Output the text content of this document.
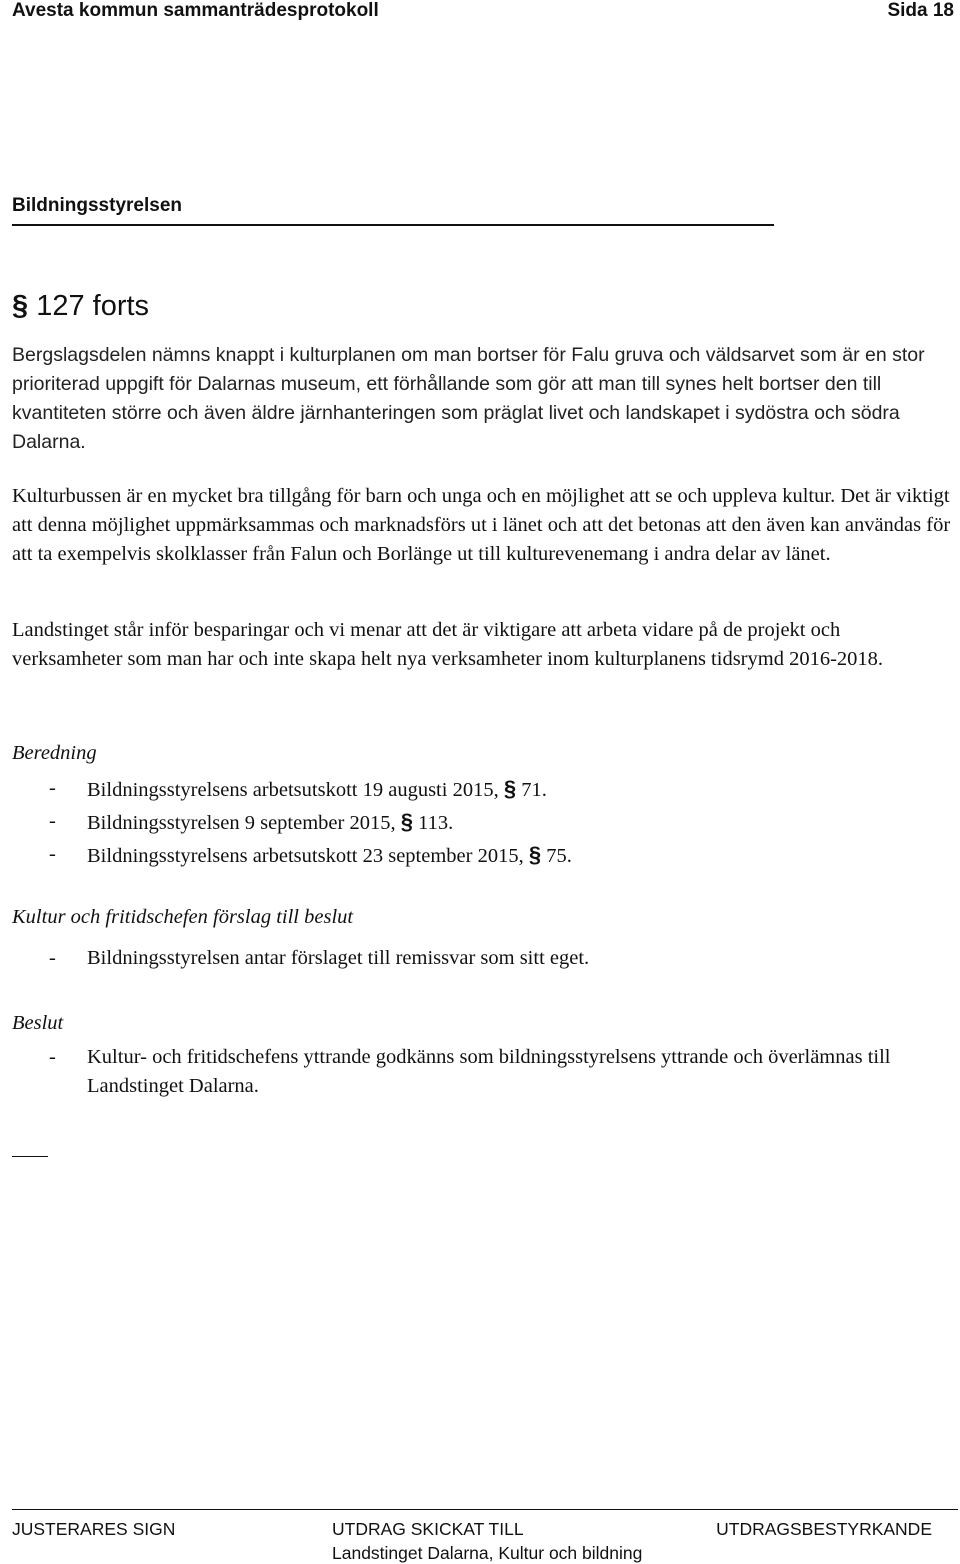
Avesta kommun sammanträdesprotokoll	Sida 18
Bildningsstyrelsen
§ 127 forts

Bergslagsdelen nämns knappt i kulturplanen om man bortser för Falu gruva och väldsarvet som är en stor prioriterad uppgift för Dalarnas museum, ett förhållande som gör att man till synes helt bortser den till kvantiteten större och även äldre järnhanteringen som präglat livet och landskapet i sydöstra och södra Dalarna.

Kulturbussen är en mycket bra tillgång för barn och unga och en möjlighet att se och uppleva kultur. Det är viktigt att denna möjlighet uppmärksammas och marknadsförs ut i länet och att det betonas att den även kan användas för att ta exempelvis skolklasser från Falun och Borlänge ut till kulturevenemang i andra delar av länet.

Landstinget står inför besparingar och vi menar att det är viktigare att arbeta vidare på de projekt och verksamheter som man har och inte skapa helt nya verksamheter inom kulturplanens tidsrymd 2016-2018.

Beredning
-	Bildningsstyrelsens arbetsutskott 19 augusti 2015, § 71.
-	Bildningsstyrelsen 9 september 2015, § 113.
-	Bildningsstyrelsens arbetsutskott 23 september 2015, § 75.
Kultur och fritidschefen förslag till beslut
-	Bildningsstyrelsen antar förslaget till remissvar som sitt eget.
Beslut
-	Kultur- och fritidschefens yttrande godkänns som bildningsstyrelsens yttrande och överlämnas till Landstinget Dalarna.
JUSTERARES SIGN	UTDRAG SKICKAT TILL
Landstinget Dalarna, Kultur och bildning
UTDRAGSBESTYRKANDE
